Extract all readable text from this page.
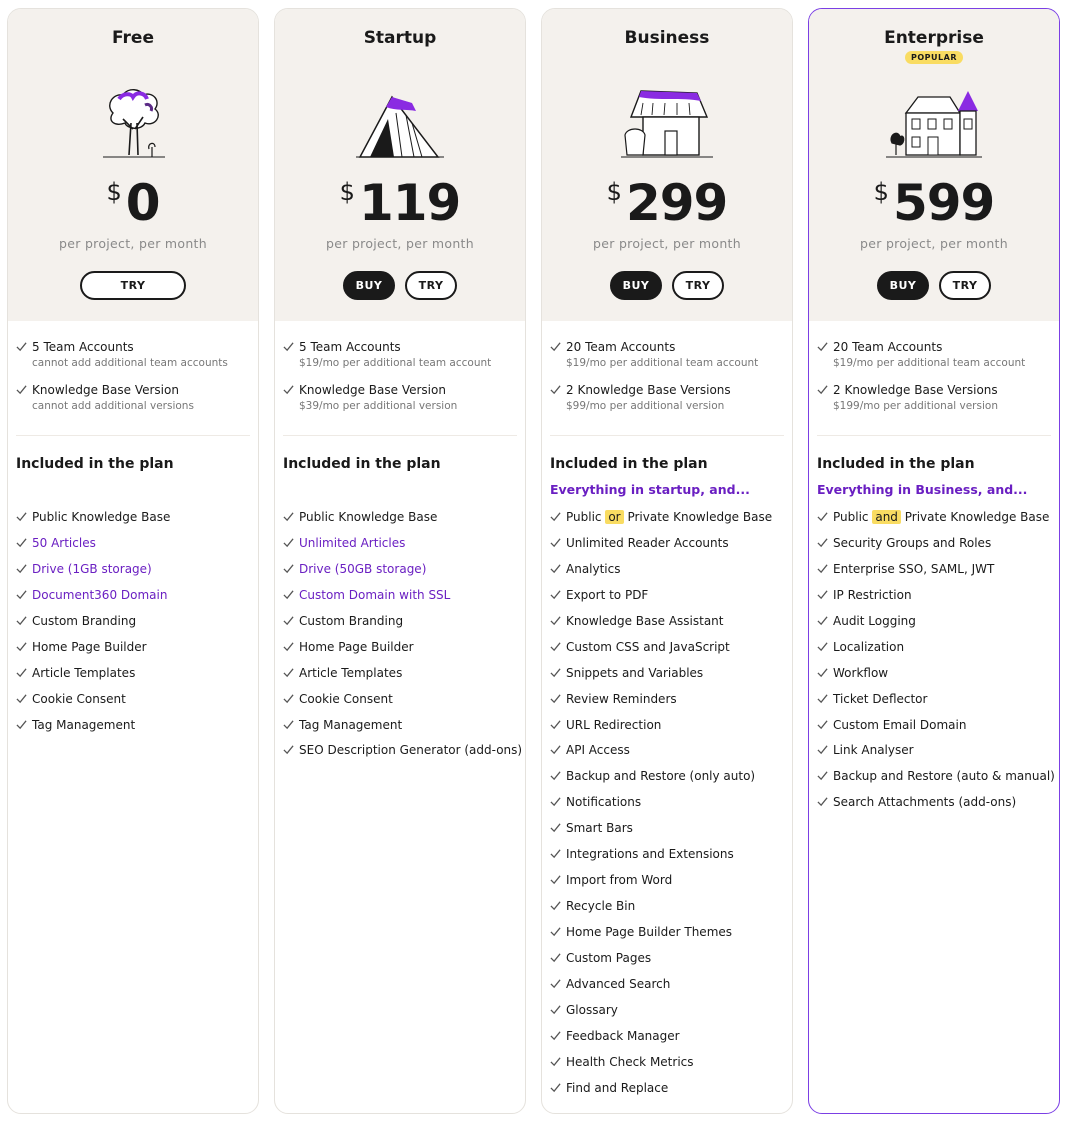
Free
$0
per project, per month
TRY
5 Team Accounts
cannot add additional team accounts
Knowledge Base Version
cannot add additional versions
Included in the plan
Public Knowledge Base
50 Articles
Drive (1GB storage)
Document360 Domain
Custom Branding
Home Page Builder
Article Templates
Cookie Consent
Tag Management
Startup
$119
per project, per month
BUY	TRY
5 Team Accounts
$19/mo per additional team account
Knowledge Base Version
$39/mo per additional version
Included in the plan
Public Knowledge Base
Unlimited Articles
Drive (50GB storage)
Custom Domain with SSL
Custom Branding
Home Page Builder
Article Templates
Cookie Consent
Tag Management
SEO Description Generator (add-ons)
Business
$299
per project, per month
BUY	TRY
20 Team Accounts
$19/mo per additional team account
2 Knowledge Base Versions
$99/mo per additional version
Included in the plan
Everything in startup, and...
Public or Private Knowledge Base
Unlimited Reader Accounts
Analytics
Export to PDF
Knowledge Base Assistant
Custom CSS and JavaScript
Snippets and Variables
Review Reminders
URL Redirection
API Access
Backup and Restore (only auto)
Notifications
Smart Bars
Integrations and Extensions
Import from Word
Recycle Bin
Home Page Builder Themes
Custom Pages
Advanced Search
Glossary
Feedback Manager
Health Check Metrics
Find and Replace
Enterprise
POPULAR
$599
per project, per month
BUY	TRY
20 Team Accounts
$19/mo per additional team account
2 Knowledge Base Versions
$199/mo per additional version
Included in the plan
Everything in Business, and...
Public and Private Knowledge Base
Security Groups and Roles
Enterprise SSO, SAML, JWT
IP Restriction
Audit Logging
Localization
Workflow
Ticket Deflector
Custom Email Domain
Link Analyser
Backup and Restore (auto & manual)
Search Attachments (add-ons)
